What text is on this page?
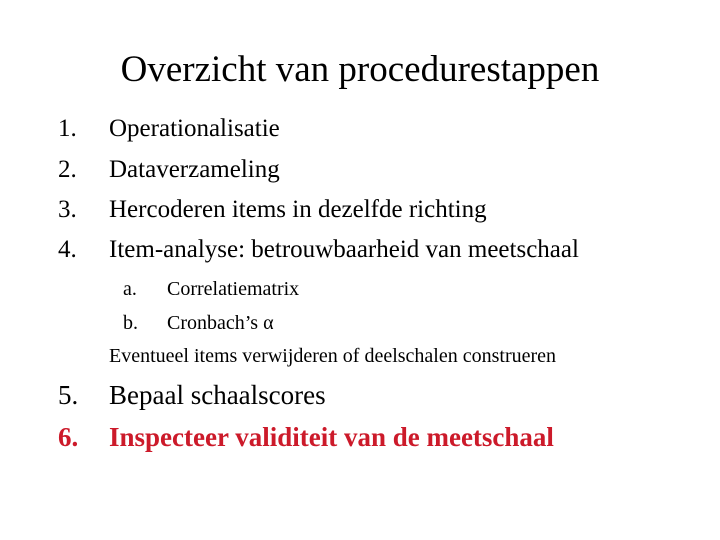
Overzicht van procedurestappen
1. Operationalisatie
2. Dataverzameling
3. Hercoderen items in dezelfde richting
4. Item-analyse: betrouwbaarheid van meetschaal
a. Correlatiematrix
b. Cronbach’s α
Eventueel items verwijderen of deelschalen construeren
5. Bepaal schaalscores
6. Inspecteer validiteit van de meetschaal
